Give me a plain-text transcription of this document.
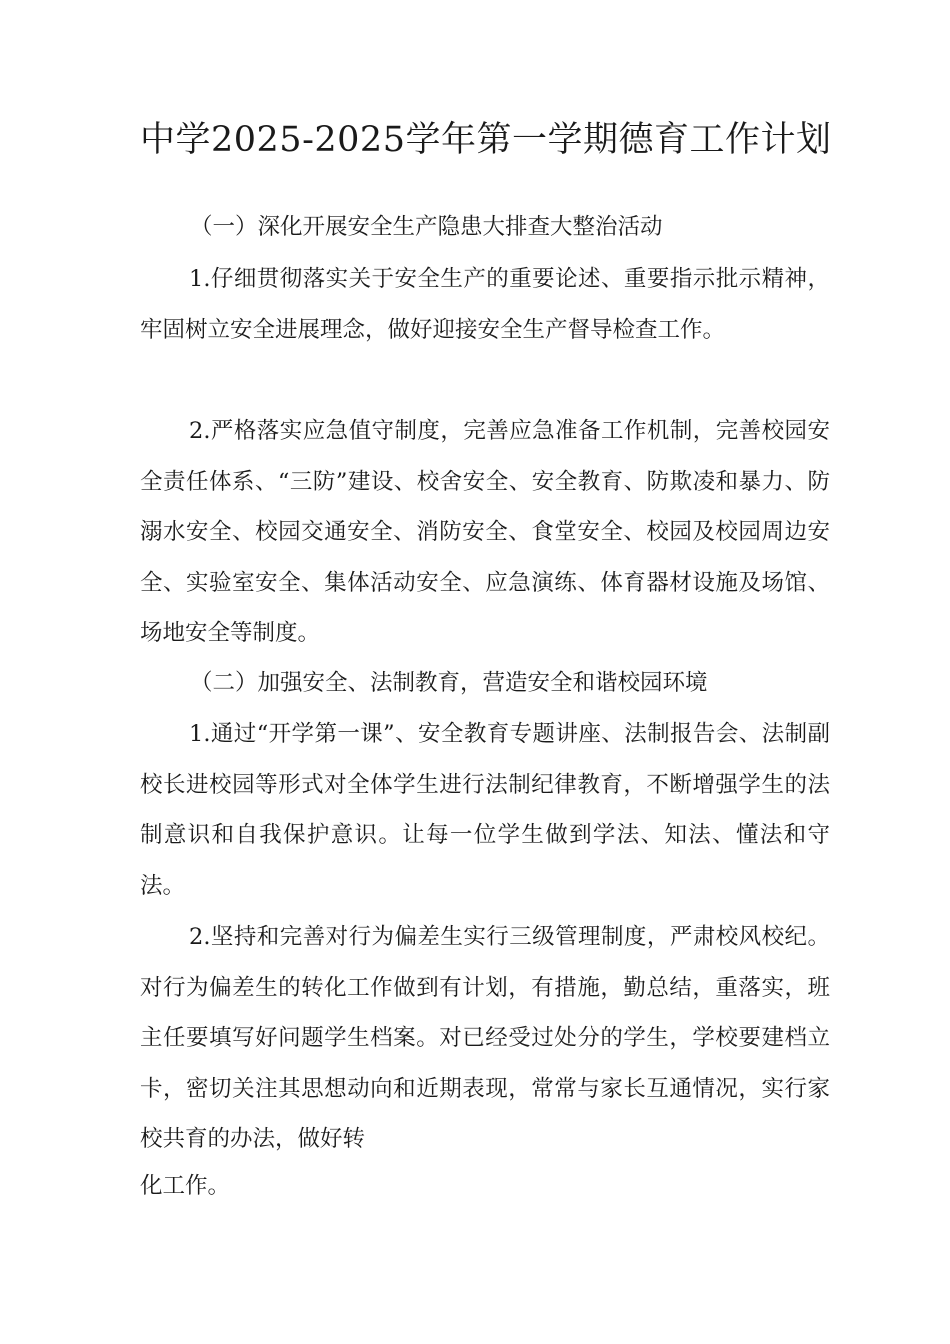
中学2025-2025学年第一学期德育工作计划

（一）深化开展安全生产隐患大排查大整治活动

1.仔细贯彻落实关于安全生产的重要论述、重要指示批示精神，牢固树立安全进展理念，做好迎接安全生产督导检查工作。

2.严格落实应急值守制度，完善应急准备工作机制，完善校园安全责任体系、“三防”建设、校舍安全、安全教育、防欺凌和暴力、防溺水安全、校园交通安全、消防安全、食堂安全、校园及校园周边安全、实验室安全、集体活动安全、应急演练、体育器材设施及场馆、场地安全等制度。

（二）加强安全、法制教育，营造安全和谐校园环境

1.通过“开学第一课”、安全教育专题讲座、法制报告会、法制副校长进校园等形式对全体学生进行法制纪律教育，不断增强学生的法制意识和自我保护意识。让每一位学生做到学法、知法、懂法和守法。

2.坚持和完善对行为偏差生实行三级管理制度，严肃校风校纪。对行为偏差生的转化工作做到有计划，有措施，勤总结，重落实，班主任要填写好问题学生档案。对已经受过处分的学生，学校要建档立卡，密切关注其思想动向和近期表现，常常与家长互通情况，实行家校共育的办法，做好转

化工作。
